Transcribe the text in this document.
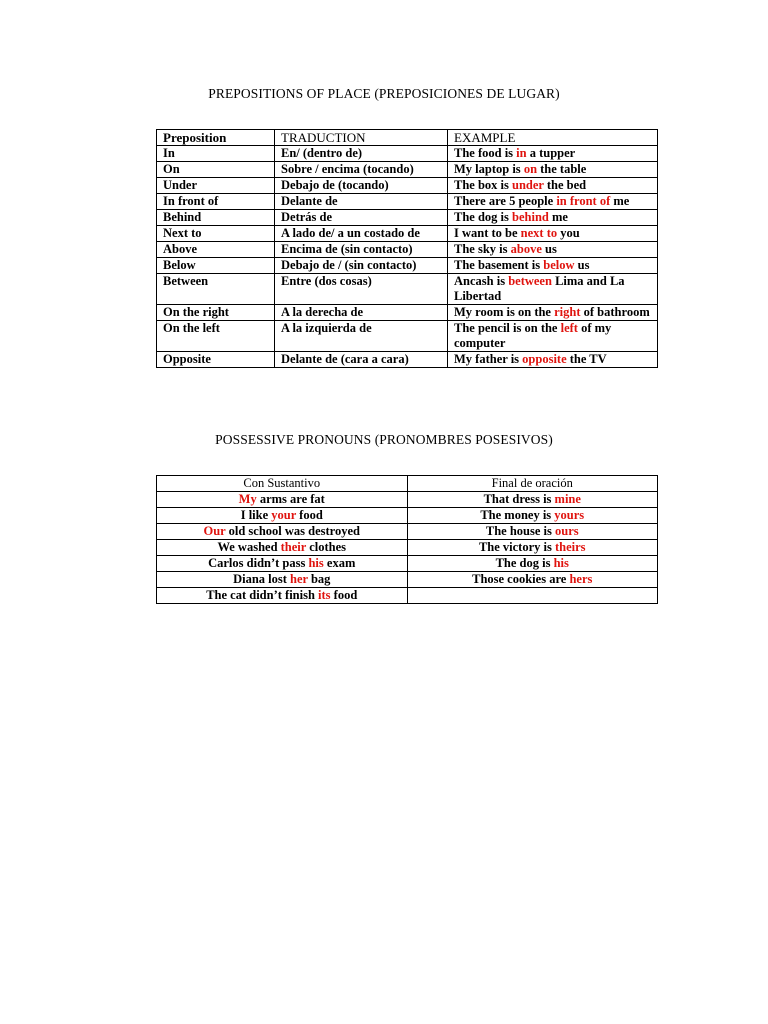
PREPOSITIONS OF PLACE (PREPOSICIONES DE LUGAR)
Preposition	TRADUCTION	EXAMPLE
In	En/ (dentro de)	The food is in a tupper
On	Sobre / encima (tocando)	My laptop is on the table
Under	Debajo de (tocando)	The box is under the bed
In front of	Delante de	There are 5 people in front of me
Behind	Detrás de	The dog is behind me
Next to	A lado de/ a un costado de	I want to be next to you
Above	Encima de (sin contacto)	The sky is above us
Below	Debajo de / (sin contacto)	The basement is below us
Between	Entre (dos cosas)	Ancash is between Lima and La Libertad
On the right	A la derecha de	My room is on the right of bathroom
On the left	A la izquierda de	The pencil is on the left of my computer
Opposite	Delante de (cara a cara)	My father is opposite the TV
POSSESSIVE PRONOUNS (PRONOMBRES POSESIVOS)
Con Sustantivo	Final de oración
My arms are fat	That dress is mine
I like your food	The money is yours
Our old school was destroyed	The house is ours
We washed their clothes	The victory is theirs
Carlos didn’t pass his exam	The dog is his
Diana lost her bag	Those cookies are hers
The cat didn’t finish its food	
